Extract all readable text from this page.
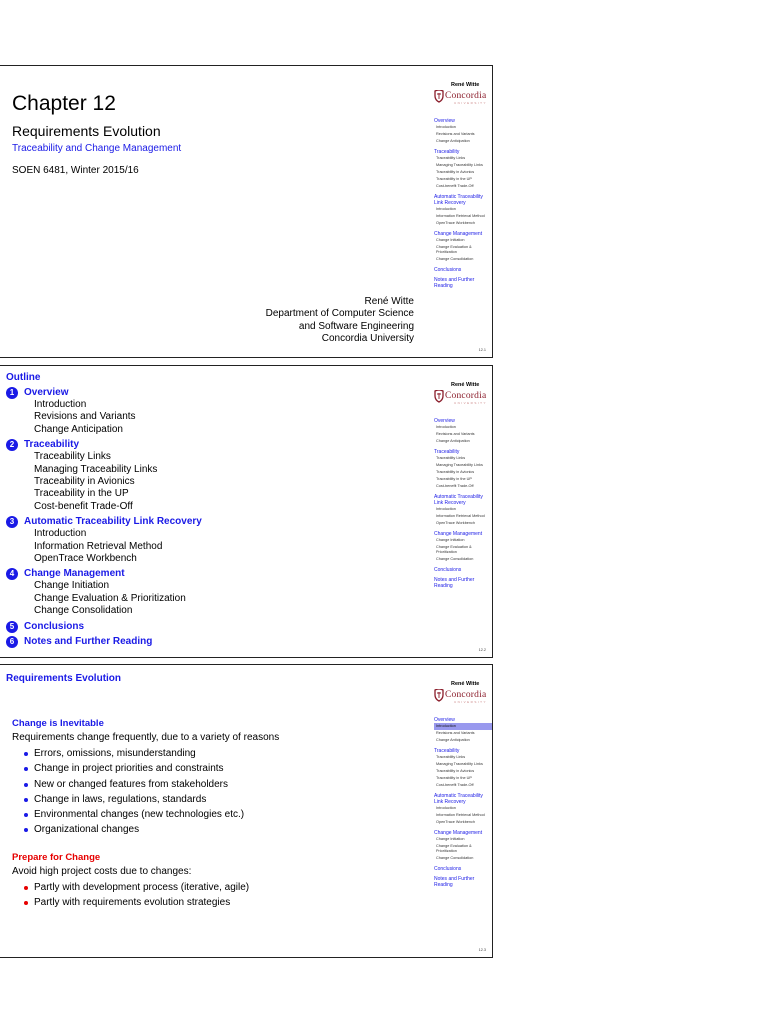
Chapter 12
Requirements Evolution
Traceability and Change Management
SOEN 6481, Winter 2015/16
René Witte
Department of Computer Science
and Software Engineering
Concordia University
René Witte
Concordia
UNIVERSITY
Overview
Introduction
Revisions and Variants
Change Anticipation
Traceability
Traceability Links
Managing Traceability Links
Traceability in Avionics
Traceability in the UP
Cost-benefit Trade-Off
Automatic Traceability Link Recovery
Introduction
Information Retrieval Method
OpenTrace Workbench
Change Management
Change Initiation
Change Evaluation & Prioritization
Change Consolidation
Conclusions
Notes and Further Reading
12.1
Outline
1 Overview
Introduction
Revisions and Variants
Change Anticipation
2 Traceability
Traceability Links
Managing Traceability Links
Traceability in Avionics
Traceability in the UP
Cost-benefit Trade-Off
3 Automatic Traceability Link Recovery
Introduction
Information Retrieval Method
OpenTrace Workbench
4 Change Management
Change Initiation
Change Evaluation & Prioritization
Change Consolidation
5 Conclusions
6 Notes and Further Reading
René Witte
Concordia
UNIVERSITY
Overview
Introduction
Revisions and Variants
Change Anticipation
Traceability
Traceability Links
Managing Traceability Links
Traceability in Avionics
Traceability in the UP
Cost-benefit Trade-Off
Automatic Traceability Link Recovery
Introduction
Information Retrieval Method
OpenTrace Workbench
Change Management
Change Initiation
Change Evaluation & Prioritization
Change Consolidation
Conclusions
Notes and Further Reading
12.2
Requirements Evolution
Change is Inevitable
Requirements change frequently, due to a variety of reasons
Errors, omissions, misunderstanding
Change in project priorities and constraints
New or changed features from stakeholders
Change in laws, regulations, standards
Environmental changes (new technologies etc.)
Organizational changes
Prepare for Change
Avoid high project costs due to changes:
Partly with development process (iterative, agile)
Partly with requirements evolution strategies
René Witte
Concordia
UNIVERSITY
Overview
Introduction
Revisions and Variants
Change Anticipation
Traceability
Traceability Links
Managing Traceability Links
Traceability in Avionics
Traceability in the UP
Cost-benefit Trade-Off
Automatic Traceability Link Recovery
Introduction
Information Retrieval Method
OpenTrace Workbench
Change Management
Change Initiation
Change Evaluation & Prioritization
Change Consolidation
Conclusions
Notes and Further Reading
12.3
